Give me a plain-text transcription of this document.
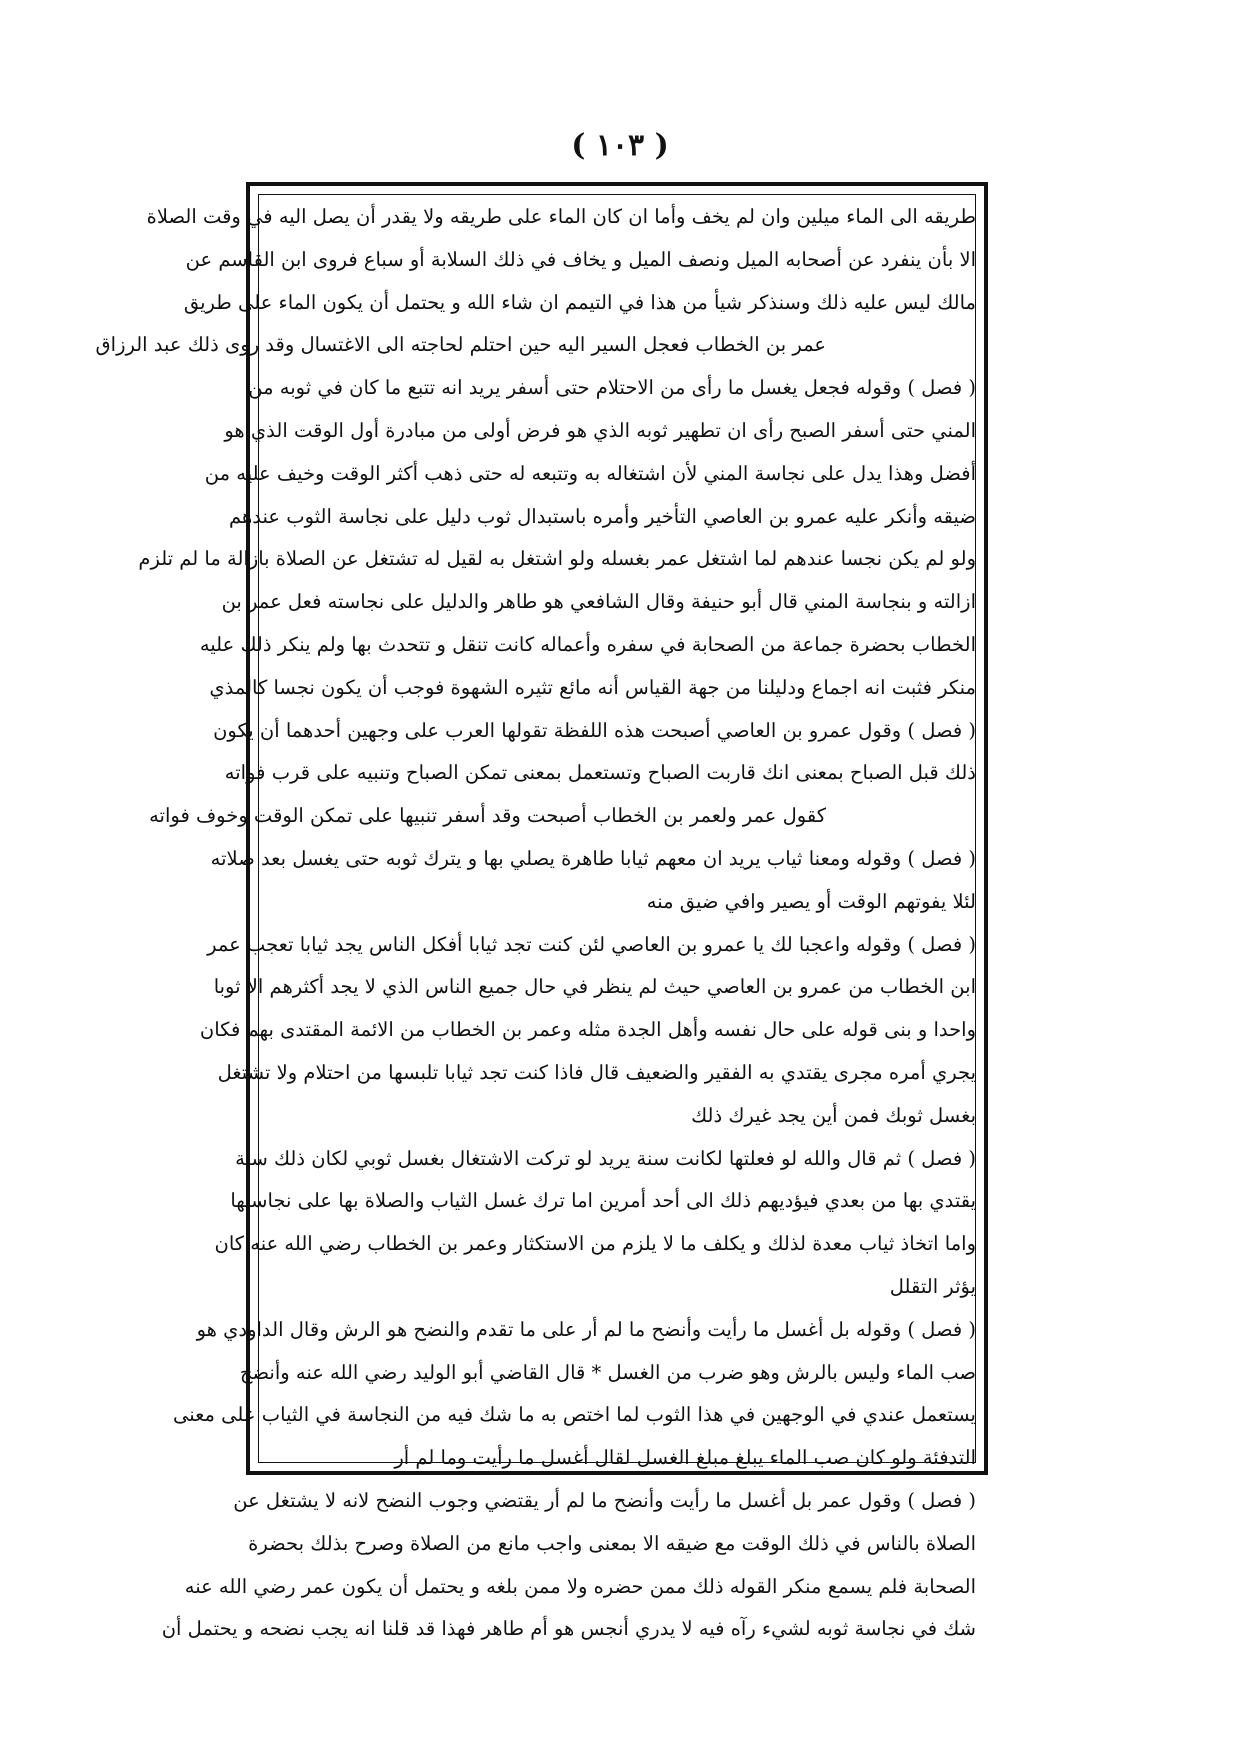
( ١٠٣ )
طريقه الى الماء ميلين وان لم يخف وأما ان كان الماء على طريقه ولا يقدر أن يصل اليه في وقت الصلاة
الا بأن ينفرد عن أصحابه الميل ونصف الميل و يخاف في ذلك السلابة أو سباع فروى ابن القاسم عن
مالك ليس عليه ذلك وسنذكر شيأ من هذا في التيمم ان شاء الله و يحتمل أن يكون الماء على طريق
عمر بن الخطاب فعجل السير اليه حين احتلم لحاجته الى الاغتسال وقد روى ذلك عبد الرزاق
( فصل ) وقوله فجعل يغسل ما رأى من الاحتلام حتى أسفر يريد انه تتبع ما كان في ثوبه من
المني حتى أسفر الصبح رأى ان تطهير ثوبه الذي هو فرض أولى من مبادرة أول الوقت الذي هو
أفضل وهذا يدل على نجاسة المني لأن اشتغاله به وتتبعه له حتى ذهب أكثر الوقت وخيف عليه من
ضيقه وأنكر عليه عمرو بن العاصي التأخير وأمره باستبدال ثوب دليل على نجاسة الثوب عندهم
ولو لم يكن نجسا عندهم لما اشتغل عمر بغسله ولو اشتغل به لقيل له تشتغل عن الصلاة بازالة ما لم تلزم
ازالته و بنجاسة المني قال أبو حنيفة وقال الشافعي هو طاهر والدليل على نجاسته فعل عمر بن
الخطاب بحضرة جماعة من الصحابة في سفره وأعماله كانت تنقل و تتحدث بها ولم ينكر ذلك عليه
منكر فثبت انه اجماع ودليلنا من جهة القياس أنه مائع تثيره الشهوة فوجب أن يكون نجسا كالمذي
( فصل ) وقول عمرو بن العاصي أصبحت هذه اللفظة تقولها العرب على وجهين أحدهما أن يكون
ذلك قبل الصباح بمعنى انك قاربت الصباح وتستعمل بمعنى تمكن الصباح وتنبيه على قرب فواته
كقول عمر ولعمر بن الخطاب أصبحت وقد أسفر تنبيها على تمكن الوقت وخوف فواته
( فصل ) وقوله ومعنا ثياب يريد ان معهم ثيابا طاهرة يصلي بها و يترك ثوبه حتى يغسل بعد صلاته
لئلا يفوتهم الوقت أو يصير وافي ضيق منه
( فصل ) وقوله واعجبا لك يا عمرو بن العاصي لئن كنت تجد ثيابا أفكل الناس يجد ثيابا تعجب عمر
ابن الخطاب من عمرو بن العاصي حيث لم ينظر في حال جميع الناس الذي لا يجد أكثرهم الا ثوبا
واحدا و بنى قوله على حال نفسه وأهل الجدة مثله وعمر بن الخطاب من الائمة المقتدى بهم فكان
يجري أمره مجرى يقتدي به الفقير والضعيف قال فاذا كنت تجد ثيابا تلبسها من احتلام ولا تشتغل
بغسل ثوبك فمن أين يجد غيرك ذلك
( فصل ) ثم قال والله لو فعلتها لكانت سنة يريد لو تركت الاشتغال بغسل ثوبي لكان ذلك سنة
يقتدي بها من بعدي فيؤديهم ذلك الى أحد أمرين اما ترك غسل الثياب والصلاة بها على نجاستها
واما اتخاذ ثياب معدة لذلك و يكلف ما لا يلزم من الاستكثار وعمر بن الخطاب رضي الله عنه كان
يؤثر التقلل
( فصل ) وقوله بل أغسل ما رأيت وأنضح ما لم أر على ما تقدم والنضح هو الرش وقال الداودي هو
صب الماء وليس بالرش وهو ضرب من الغسل * قال القاضي أبو الوليد رضي الله عنه وأنضح
يستعمل عندي في الوجهين في هذا الثوب لما اختص به ما شك فيه من النجاسة في الثياب على معنى
التدفئة ولو كان صب الماء يبلغ مبلغ الغسل لقال أغسل ما رأيت وما لم أر
( فصل ) وقول عمر بل أغسل ما رأيت وأنضح ما لم أر يقتضي وجوب النضح لانه لا يشتغل عن
الصلاة بالناس في ذلك الوقت مع ضيقه الا بمعنى واجب مانع من الصلاة وصرح بذلك بحضرة
الصحابة فلم يسمع منكر القوله ذلك ممن حضره ولا ممن بلغه و يحتمل أن يكون عمر رضي الله عنه
شك في نجاسة ثوبه لشيء رآه فيه لا يدري أنجس هو أم طاهر فهذا قد قلنا انه يجب نضحه و يحتمل أن
